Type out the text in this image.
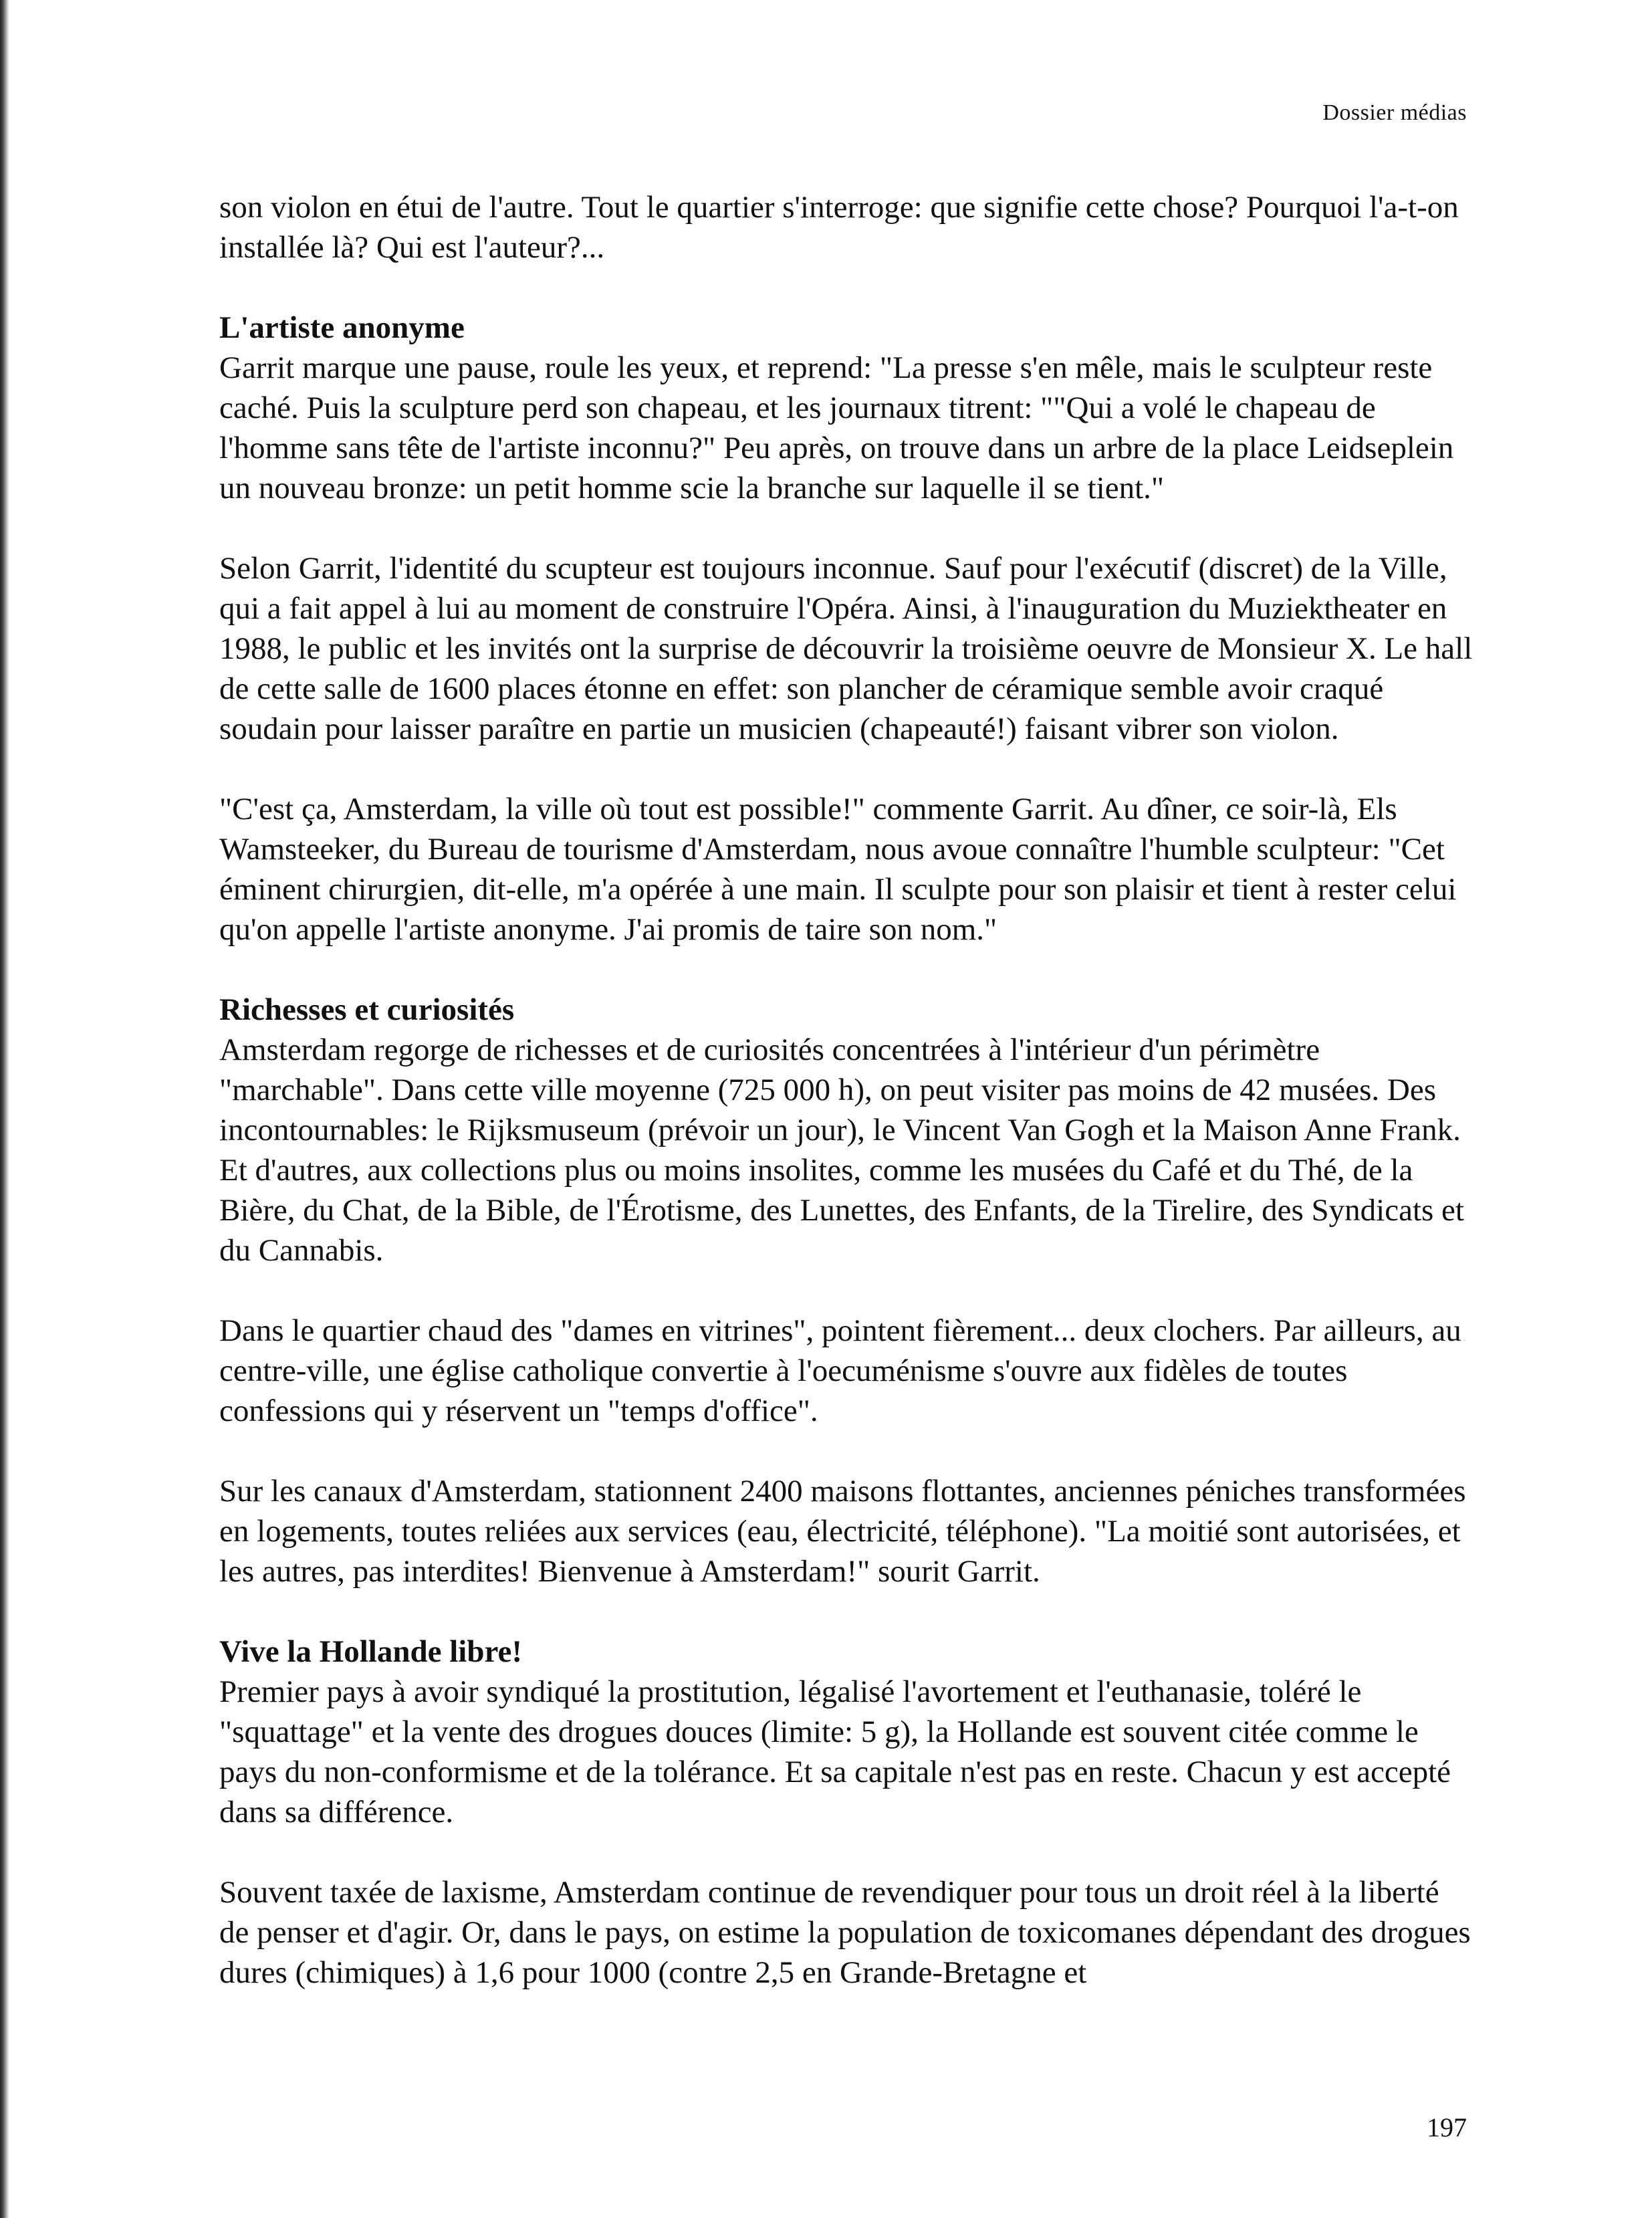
Dossier médias

son violon en étui de l'autre. Tout le quartier s'interroge: que signifie cette chose? Pourquoi l'a-t-on installée là? Qui est l'auteur?...

L'artiste anonyme

Garrit marque une pause, roule les yeux, et reprend: "La presse s'en mêle, mais le sculpteur reste caché. Puis la sculpture perd son chapeau, et les journaux titrent: ""Qui a volé le chapeau de l'homme sans tête de l'artiste inconnu?" Peu après, on trouve dans un arbre de la place Leidseplein un nouveau bronze: un petit homme scie la branche sur laquelle il se tient."

Selon Garrit, l'identité du scupteur est toujours inconnue. Sauf pour l'exécutif (discret) de la Ville, qui a fait appel à lui au moment de construire l'Opéra. Ainsi, à l'inauguration du Muziektheater en 1988, le public et les invités ont la surprise de découvrir la troisième oeuvre de Monsieur X. Le hall de cette salle de 1600 places étonne en effet: son plancher de céramique semble avoir craqué soudain pour laisser paraître en partie un musicien (chapeauté!) faisant vibrer son violon.

"C'est ça, Amsterdam, la ville où tout est possible!" commente Garrit. Au dîner, ce soir-là, Els Wamsteeker, du Bureau de tourisme d'Amsterdam, nous avoue connaître l'humble sculpteur: "Cet éminent chirurgien, dit-elle, m'a opérée à une main. Il sculpte pour son plaisir et tient à rester celui qu'on appelle l'artiste anonyme. J'ai promis de taire son nom."

Richesses et curiosités

Amsterdam regorge de richesses et de curiosités concentrées à l'intérieur d'un périmètre "marchable". Dans cette ville moyenne (725 000 h), on peut visiter pas moins de 42 musées. Des incontournables: le Rijksmuseum (prévoir un jour), le Vincent Van Gogh et la Maison Anne Frank. Et d'autres, aux collections plus ou moins insolites, comme les musées du Café et du Thé, de la Bière, du Chat, de la Bible, de l'Érotisme, des Lunettes, des Enfants, de la Tirelire, des Syndicats et du Cannabis.

Dans le quartier chaud des "dames en vitrines", pointent fièrement... deux clochers. Par ailleurs, au centre-ville, une église catholique convertie à l'oecuménisme s'ouvre aux fidèles de toutes confessions qui y réservent un "temps d'office".

Sur les canaux d'Amsterdam, stationnent 2400 maisons flottantes, anciennes péniches transformées en logements, toutes reliées aux services (eau, électricité, téléphone). "La moitié sont autorisées, et les autres, pas interdites! Bienvenue à Amsterdam!" sourit Garrit.

Vive la Hollande libre!

Premier pays à avoir syndiqué la prostitution, légalisé l'avortement et l'euthanasie, toléré le "squattage" et la vente des drogues douces (limite: 5 g), la Hollande est souvent citée comme le pays du non-conformisme et de la tolérance. Et sa capitale n'est pas en reste. Chacun y est accepté dans sa différence.

Souvent taxée de laxisme, Amsterdam continue de revendiquer pour tous un droit réel à la liberté de penser et d'agir. Or, dans le pays, on estime la population de toxicomanes dépendant des drogues dures (chimiques) à 1,6 pour 1000 (contre 2,5 en Grande-Bretagne et

197
